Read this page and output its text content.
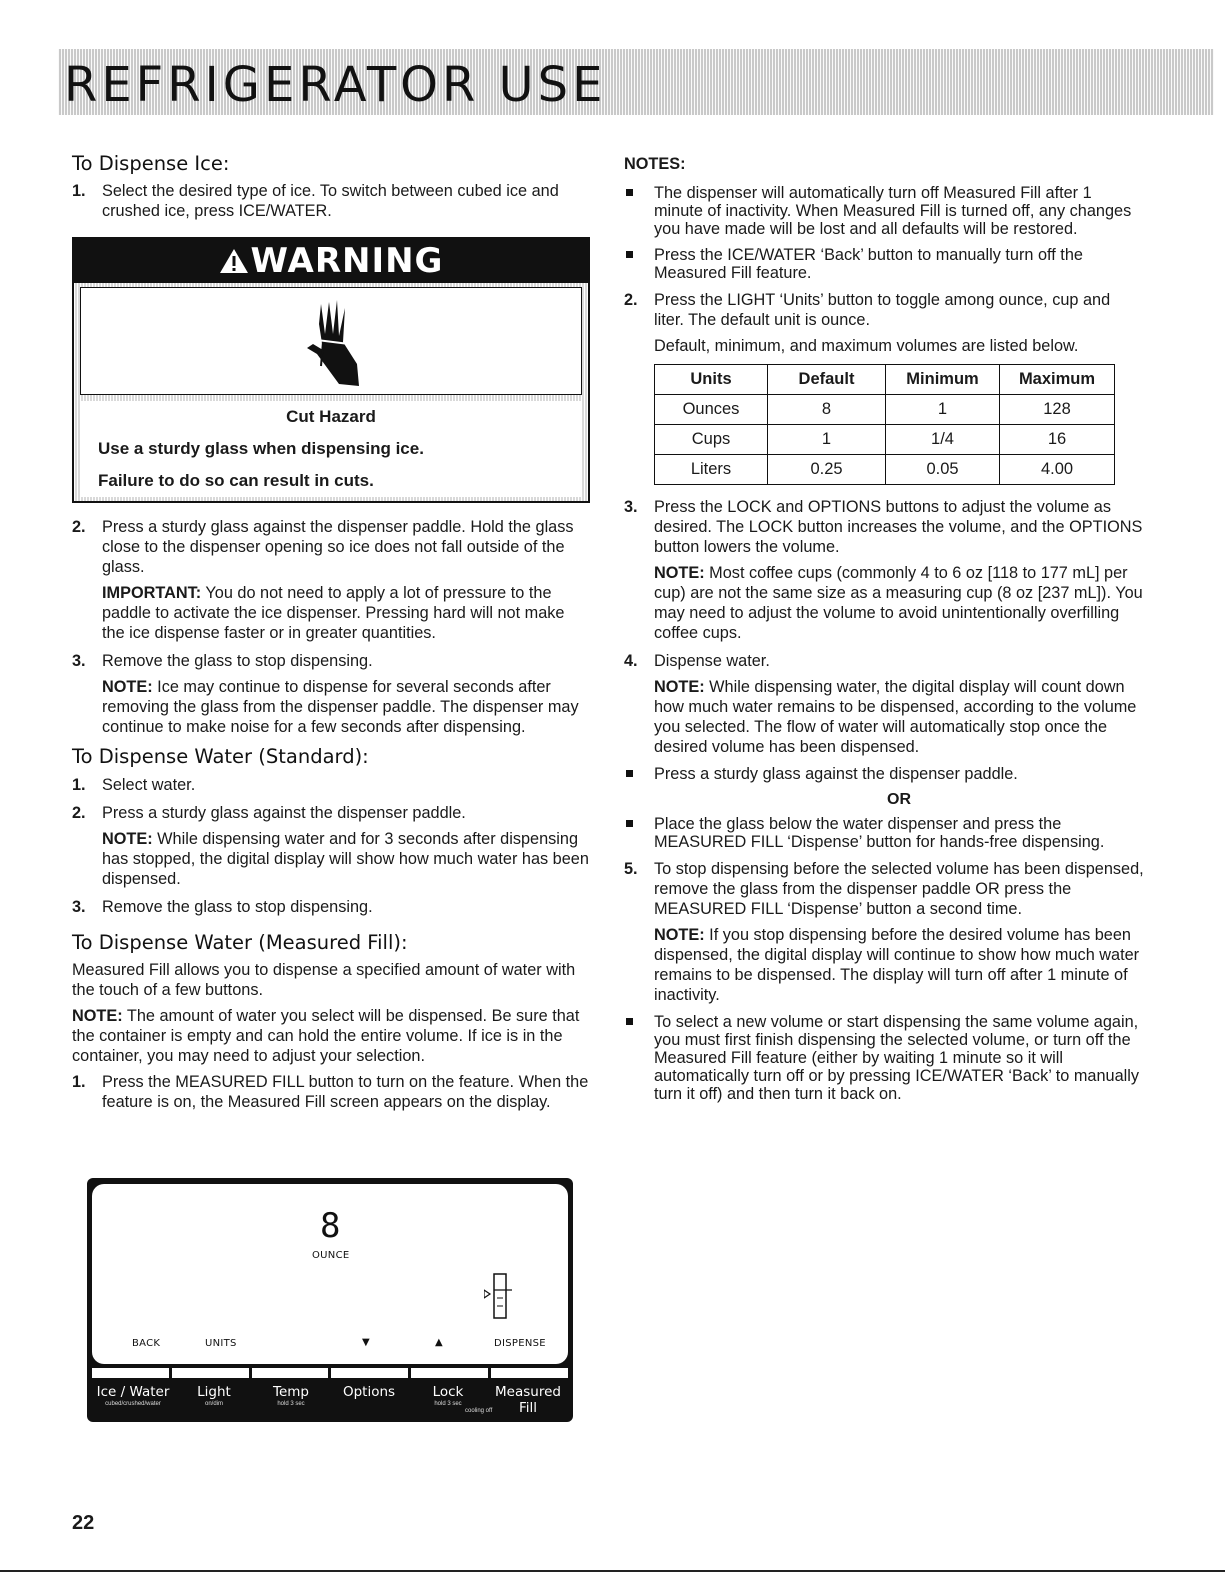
REFRIGERATOR USE
To Dispense Ice:
1. Select the desired type of ice. To switch between cubed ice and crushed ice, press ICE/WATER.
WARNING
Cut Hazard
Use a sturdy glass when dispensing ice.
Failure to do so can result in cuts.
2. Press a sturdy glass against the dispenser paddle. Hold the glass close to the dispenser opening so ice does not fall outside of the glass.
IMPORTANT: You do not need to apply a lot of pressure to the paddle to activate the ice dispenser. Pressing hard will not make the ice dispense faster or in greater quantities.
3. Remove the glass to stop dispensing.
NOTE: Ice may continue to dispense for several seconds after removing the glass from the dispenser paddle. The dispenser may continue to make noise for a few seconds after dispensing.
To Dispense Water (Standard):
1. Select water.
2. Press a sturdy glass against the dispenser paddle.
NOTE: While dispensing water and for 3 seconds after dispensing has stopped, the digital display will show how much water has been dispensed.
3. Remove the glass to stop dispensing.
To Dispense Water (Measured Fill):
Measured Fill allows you to dispense a specified amount of water with the touch of a few buttons.
NOTE: The amount of water you select will be dispensed. Be sure that the container is empty and can hold the entire volume. If ice is in the container, you may need to adjust your selection.
1. Press the MEASURED FILL button to turn on the feature. When the feature is on, the Measured Fill screen appears on the display.
8
OUNCE
BACK	UNITS	▼	▲	DISPENSE
Ice / Water
cubed/crushed/water
Light
on/dim
Temp
hold 3 sec
Options	Lock
hold 3 sec
Measured Fill
cooling off
NOTES:
The dispenser will automatically turn off Measured Fill after 1 minute of inactivity. When Measured Fill is turned off, any changes you have made will be lost and all defaults will be restored.
Press the ICE/WATER ‘Back’ button to manually turn off the Measured Fill feature.
2. Press the LIGHT ‘Units’ button to toggle among ounce, cup and liter. The default unit is ounce.
Default, minimum, and maximum volumes are listed below.
Units	Default	Minimum	Maximum
Ounces	8	1	128
Cups	1	1/4	16
Liters	0.25	0.05	4.00
3. Press the LOCK and OPTIONS buttons to adjust the volume as desired. The LOCK button increases the volume, and the OPTIONS button lowers the volume.
NOTE: Most coffee cups (commonly 4 to 6 oz [118 to 177 mL] per cup) are not the same size as a measuring cup (8 oz [237 mL]). You may need to adjust the volume to avoid unintentionally overfilling coffee cups.
4. Dispense water.
NOTE: While dispensing water, the digital display will count down how much water remains to be dispensed, according to the volume you selected. The flow of water will automatically stop once the desired volume has been dispensed.
Press a sturdy glass against the dispenser paddle.
OR
Place the glass below the water dispenser and press the MEASURED FILL ‘Dispense’ button for hands-free dispensing.
5. To stop dispensing before the selected volume has been dispensed, remove the glass from the dispenser paddle OR press the MEASURED FILL ‘Dispense’ button a second time.
NOTE: If you stop dispensing before the desired volume has been dispensed, the digital display will continue to show how much water remains to be dispensed. The display will turn off after 1 minute of inactivity.
To select a new volume or start dispensing the same volume again, you must first finish dispensing the selected volume, or turn off the Measured Fill feature (either by waiting 1 minute so it will automatically turn off or by pressing ICE/WATER ‘Back’ to manually turn it off) and then turn it back on.
22
